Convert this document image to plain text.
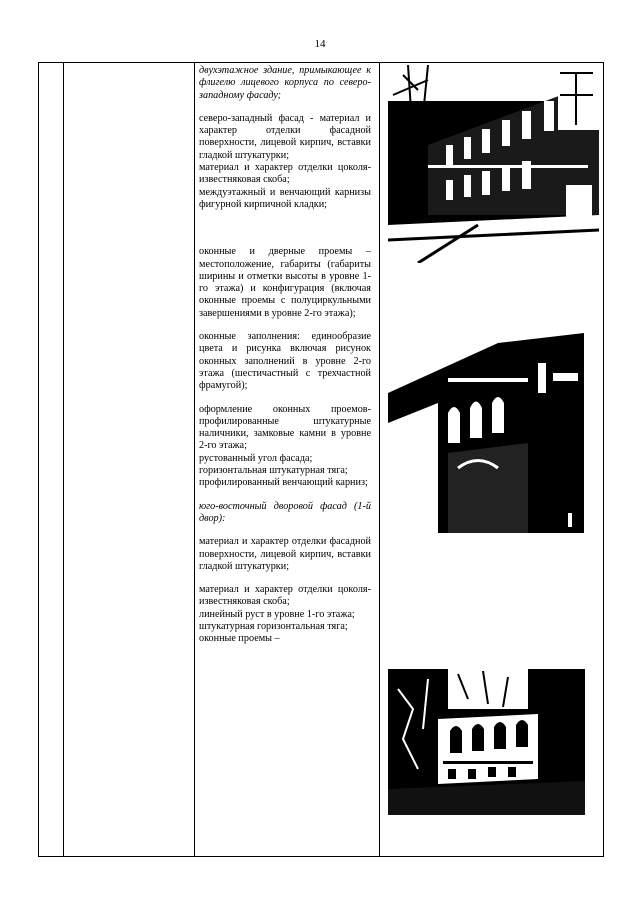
14

двухэтажное здание, примыкающее к флигелю лицевого корпуса по северо-западному фасаду;

северо-западный фасад - материал и характер отделки фасадной поверхности, лицевой кирпич, вставки гладкой штукатурки;

материал и характер отделки цоколя- известняковая скоба;

междуэтажный и венчающий карнизы фигурной кирпичной кладки;

оконные и дверные проемы – местоположение, габариты (габариты ширины и отметки высоты в уровне 1-го этажа) и конфигурация (включая оконные проемы с полуциркульными завершениями в уровне 2-го этажа);

оконные заполнения: единообразие цвета и рисунка включая рисунок оконных заполнений в уровне 2-го этажа (шестичастный с трехчастной фрамугой);

оформление оконных проемов- профилированные штукатурные наличники, замковые камни в уровне 2-го этажа;

рустованный угол фасада;

горизонтальная штукатурная тяга;

профилированный венчающий карниз;

юго-восточный дворовой фасад (1-й двор):

материал и характер отделки фасадной поверхности, лицевой кирпич, вставки гладкой штукатурки;

материал и характер отделки цоколя- известняковая скоба;

линейный руст в уровне 1-го этажа;

штукатурная горизонтальная тяга;

оконные проемы –
